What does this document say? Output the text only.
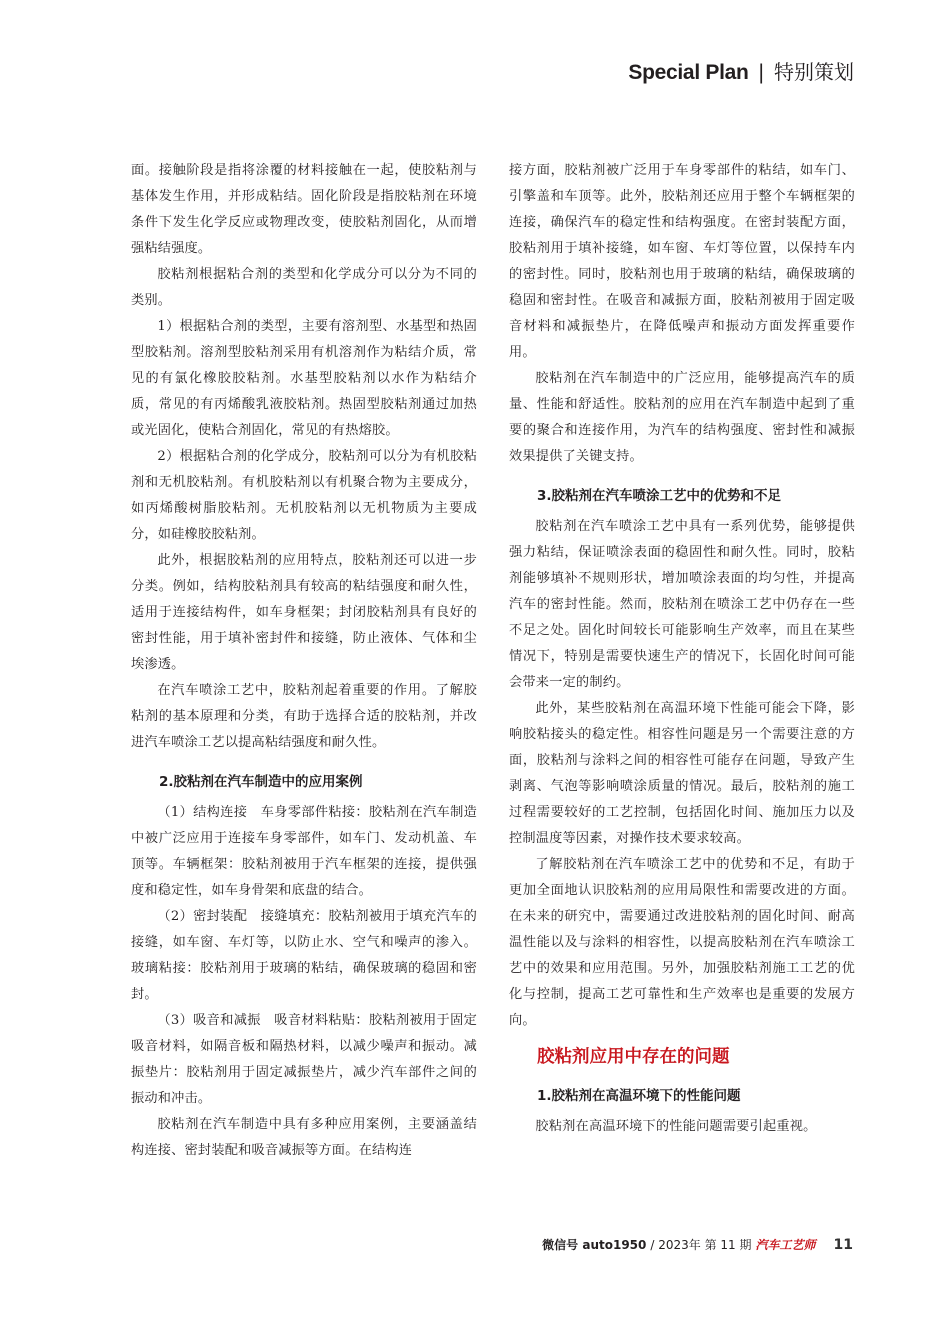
Special Plan | 特别策划
面。接触阶段是指将涂覆的材料接触在一起，使胶粘剂与基体发生作用，并形成粘结。固化阶段是指胶粘剂在环境条件下发生化学反应或物理改变，使胶粘剂固化，从而增强粘结强度。
胶粘剂根据粘合剂的类型和化学成分可以分为不同的类别。
1）根据粘合剂的类型，主要有溶剂型、水基型和热固型胶粘剂。溶剂型胶粘剂采用有机溶剂作为粘结介质，常见的有氯化橡胶胶粘剂。水基型胶粘剂以水作为粘结介质，常见的有丙烯酸乳液胶粘剂。热固型胶粘剂通过加热或光固化，使粘合剂固化，常见的有热熔胶。
2）根据粘合剂的化学成分，胶粘剂可以分为有机胶粘剂和无机胶粘剂。有机胶粘剂以有机聚合物为主要成分，如丙烯酸树脂胶粘剂。无机胶粘剂以无机物质为主要成分，如硅橡胶胶粘剂。
此外，根据胶粘剂的应用特点，胶粘剂还可以进一步分类。例如，结构胶粘剂具有较高的粘结强度和耐久性，适用于连接结构件，如车身框架；封闭胶粘剂具有良好的密封性能，用于填补密封件和接缝，防止液体、气体和尘埃渗透。
在汽车喷涂工艺中，胶粘剂起着重要的作用。了解胶粘剂的基本原理和分类，有助于选择合适的胶粘剂，并改进汽车喷涂工艺以提高粘结强度和耐久性。
2.胶粘剂在汽车制造中的应用案例
（1）结构连接　车身零部件粘接：胶粘剂在汽车制造中被广泛应用于连接车身零部件，如车门、发动机盖、车顶等。车辆框架：胶粘剂被用于汽车框架的连接，提供强度和稳定性，如车身骨架和底盘的结合。
（2）密封装配　接缝填充：胶粘剂被用于填充汽车的接缝，如车窗、车灯等，以防止水、空气和噪声的渗入。玻璃粘接：胶粘剂用于玻璃的粘结，确保玻璃的稳固和密封。
（3）吸音和减振　吸音材料粘贴：胶粘剂被用于固定吸音材料，如隔音板和隔热材料，以减少噪声和振动。减振垫片：胶粘剂用于固定减振垫片，减少汽车部件之间的振动和冲击。
胶粘剂在汽车制造中具有多种应用案例，主要涵盖结构连接、密封装配和吸音减振等方面。在结构连
接方面，胶粘剂被广泛用于车身零部件的粘结，如车门、引擎盖和车顶等。此外，胶粘剂还应用于整个车辆框架的连接，确保汽车的稳定性和结构强度。在密封装配方面，胶粘剂用于填补接缝，如车窗、车灯等位置，以保持车内的密封性。同时，胶粘剂也用于玻璃的粘结，确保玻璃的稳固和密封性。在吸音和减振方面，胶粘剂被用于固定吸音材料和减振垫片，在降低噪声和振动方面发挥重要作用。
胶粘剂在汽车制造中的广泛应用，能够提高汽车的质量、性能和舒适性。胶粘剂的应用在汽车制造中起到了重要的聚合和连接作用，为汽车的结构强度、密封性和减振效果提供了关键支持。
3.胶粘剂在汽车喷涂工艺中的优势和不足
胶粘剂在汽车喷涂工艺中具有一系列优势，能够提供强力粘结，保证喷涂表面的稳固性和耐久性。同时，胶粘剂能够填补不规则形状，增加喷涂表面的均匀性，并提高汽车的密封性能。然而，胶粘剂在喷涂工艺中仍存在一些不足之处。固化时间较长可能影响生产效率，而且在某些情况下，特别是需要快速生产的情况下，长固化时间可能会带来一定的制约。
此外，某些胶粘剂在高温环境下性能可能会下降，影响胶粘接头的稳定性。相容性问题是另一个需要注意的方面，胶粘剂与涂料之间的相容性可能存在问题，导致产生剥离、气泡等影响喷涂质量的情况。最后，胶粘剂的施工过程需要较好的工艺控制，包括固化时间、施加压力以及控制温度等因素，对操作技术要求较高。
了解胶粘剂在汽车喷涂工艺中的优势和不足，有助于更加全面地认识胶粘剂的应用局限性和需要改进的方面。在未来的研究中，需要通过改进胶粘剂的固化时间、耐高温性能以及与涂料的相容性，以提高胶粘剂在汽车喷涂工艺中的效果和应用范围。另外，加强胶粘剂施工工艺的优化与控制，提高工艺可靠性和生产效率也是重要的发展方向。
胶粘剂应用中存在的问题
1.胶粘剂在高温环境下的性能问题
胶粘剂在高温环境下的性能问题需要引起重视。
微信号 auto1950 / 2023年 第 11 期 汽车工艺师 11
